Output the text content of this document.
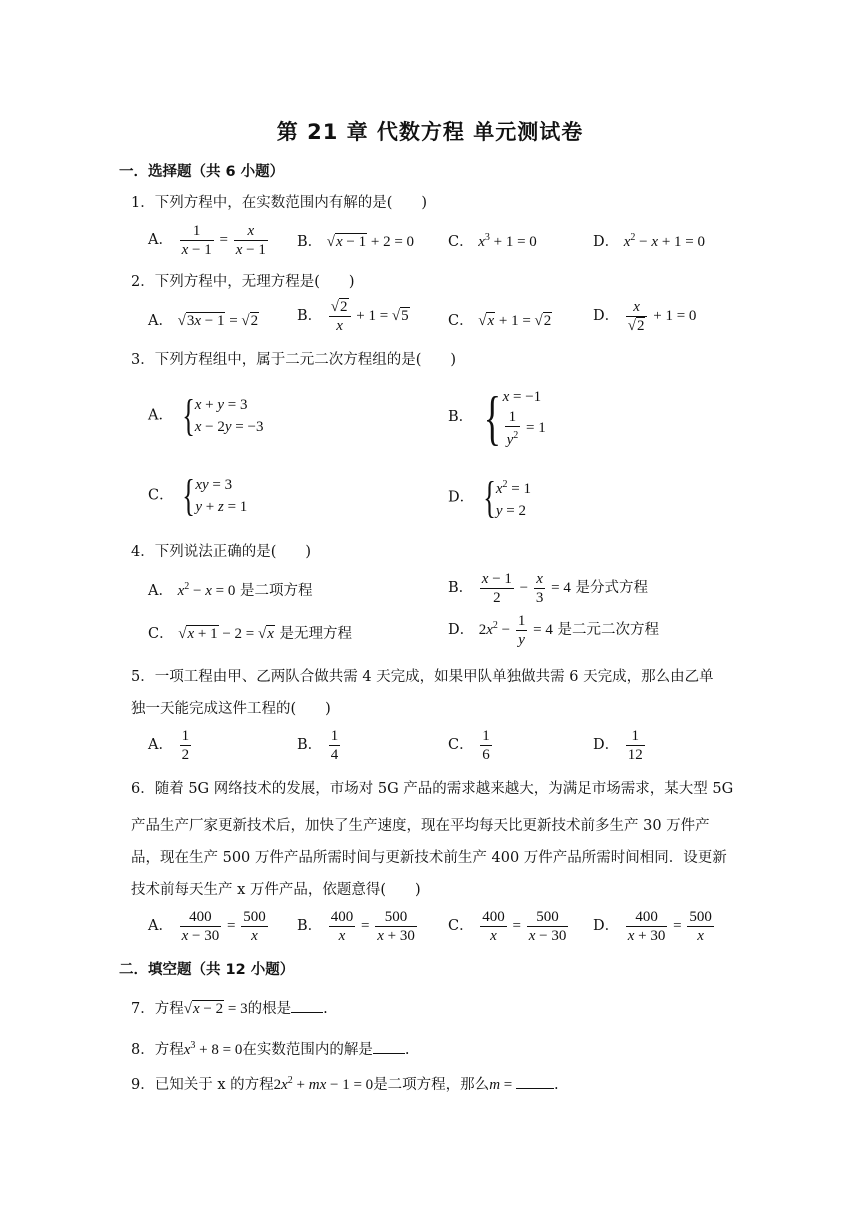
第 21 章 代数方程 单元测试卷
一．选择题（共 6 小题）
1．下列方程中，在实数范围内有解的是(　　)
A． $\frac{1}{x - 1} = \frac{x}{x - 1}$ B． √x − 1 + 2 = 0 C． $x^3 + 1 = 0$	D． $x^2 - x + 1 = 0$
2．下列方程中，无理方程是(　　)
A． √3x − 1 = √2	B． $\frac{√2}{x} + 1 = √5$	C． √x + 1 = √2	D． $\frac{x}{√2} + 1 = 0$
3．下列方程组中，属于二元二次方程组的是(　　)
A． { x + y = 3
x − 2y = −3
B． { x = −1
$\frac{1}{y^2} = 1$
C． { xy = 3
y + z = 1
D． { $x^2 = 1$
y = 2
4．下列说法正确的是(　　)
A． $x^2 - x = 0$ 是二项方程	B． $\frac{x - 1}{2} - \frac{x}{3} = 4$ 是分式方程
C． √x + 1 − 2 = √x 是无理方程	D． $2x^2 - \frac{1}{y} = 4$ 是二元二次方程
5．一项工程由甲、乙两队合做共需 4 天完成，如果甲队单独做共需 6 天完成，那么由乙单
独一天能完成这件工程的(　　)
A． $\frac{1}{2}$	B． $\frac{1}{4}$	C． $\frac{1}{6}$	D． $\frac{1}{12}$
6．随着 5G 网络技术的发展，市场对 5G 产品的需求越来越大，为满足市场需求，某大型 5G
产品生产厂家更新技术后，加快了生产速度，现在平均每天比更新技术前多生产 30 万件产
品，现在生产 500 万件产品所需时间与更新技术前生产 400 万件产品所需时间相同．设更新
技术前每天生产 x 万件产品，依题意得(　　)
A． $\frac{400}{x - 30} = \frac{500}{x}$ B． $\frac{400}{x} = \frac{500}{x + 30}$ C． $\frac{400}{x} = \frac{500}{x - 30}$ D． $\frac{400}{x + 30} = \frac{500}{x}$
二．填空题（共 12 小题）
7．方程√x − 2 = 3的根是 .
8．方程$x^3 + 8 = 0$在实数范围内的解是 .
9．已知关于 x 的方程$2x^2$ + mx − 1 = 0是二项方程，那么m =	.
